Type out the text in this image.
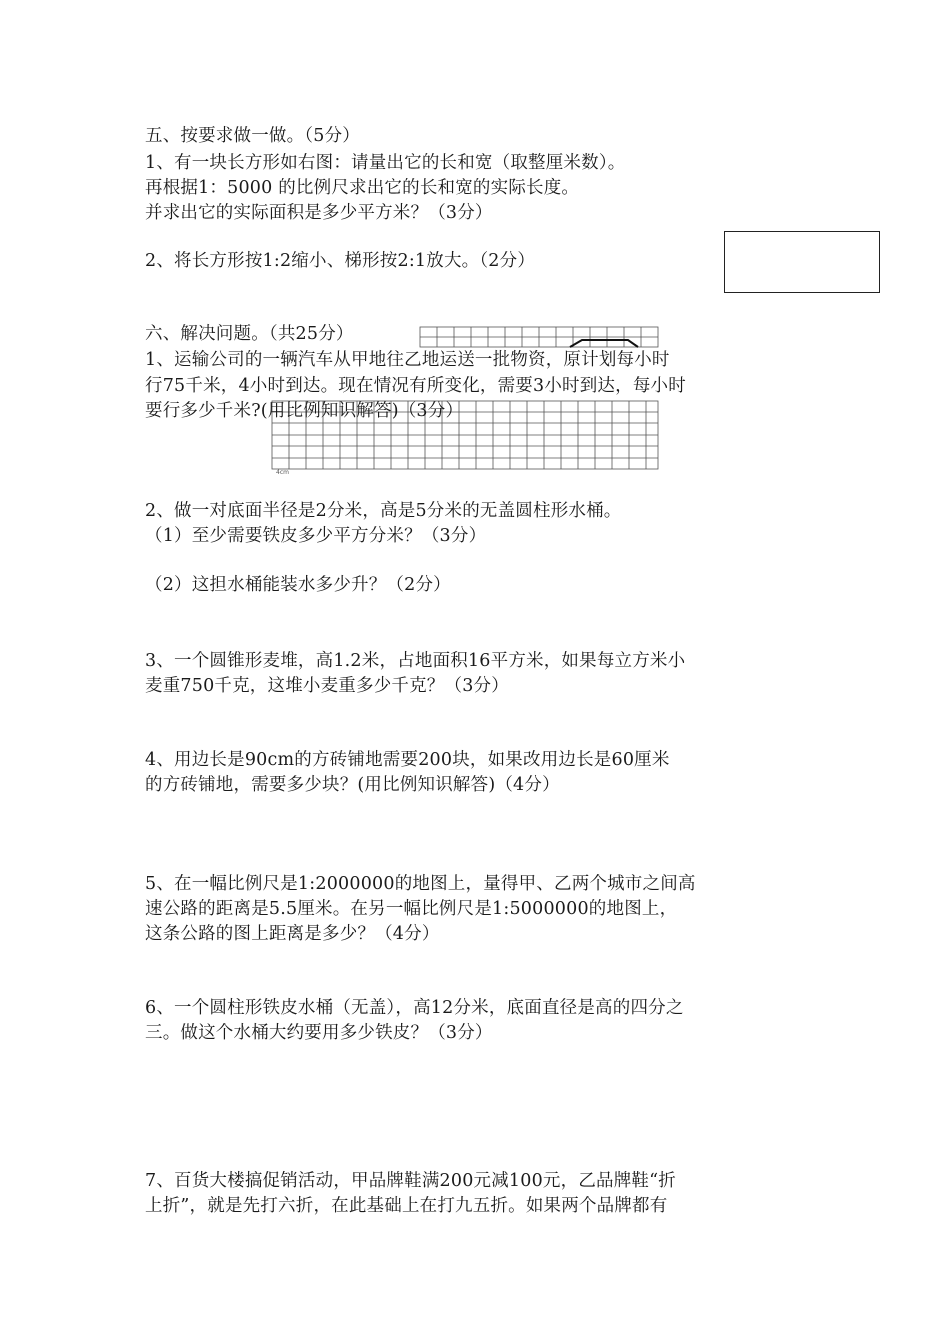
五、按要求做一做。（5分）
1、有一块长方形如右图：请量出它的长和宽（取整厘米数）。
再根据1：5000 的比例尺求出它的长和宽的实际长度。
并求出它的实际面积是多少平方米？（3分）
2、将长方形按1:2缩小、梯形按2:1放大。（2分）
4cm
六、解决问题。（共25分）
1、运输公司的一辆汽车从甲地往乙地运送一批物资，原计划每小时
行75千米，4小时到达。现在情况有所变化，需要3小时到达，每小时
要行多少千米?(用比例知识解答)（3分）
2、做一对底面半径是2分米，高是5分米的无盖圆柱形水桶。
（1）至少需要铁皮多少平方分米？（3分）
（2）这担水桶能装水多少升？（2分）
3、一个圆锥形麦堆，高1.2米，占地面积16平方米，如果每立方米小
麦重750千克，这堆小麦重多少千克？（3分）
4、用边长是90cm的方砖铺地需要200块，如果改用边长是60厘米
的方砖铺地，需要多少块？(用比例知识解答)（4分）
5、在一幅比例尺是1:2000000的地图上，量得甲、乙两个城市之间高
速公路的距离是5.5厘米。在另一幅比例尺是1:5000000的地图上，
这条公路的图上距离是多少？（4分）
6、一个圆柱形铁皮水桶（无盖），高12分米，底面直径是高的四分之
三。做这个水桶大约要用多少铁皮？（3分）
7、百货大楼搞促销活动，甲品牌鞋满200元减100元，乙品牌鞋“折
上折”，就是先打六折，在此基础上在打九五折。如果两个品牌都有
